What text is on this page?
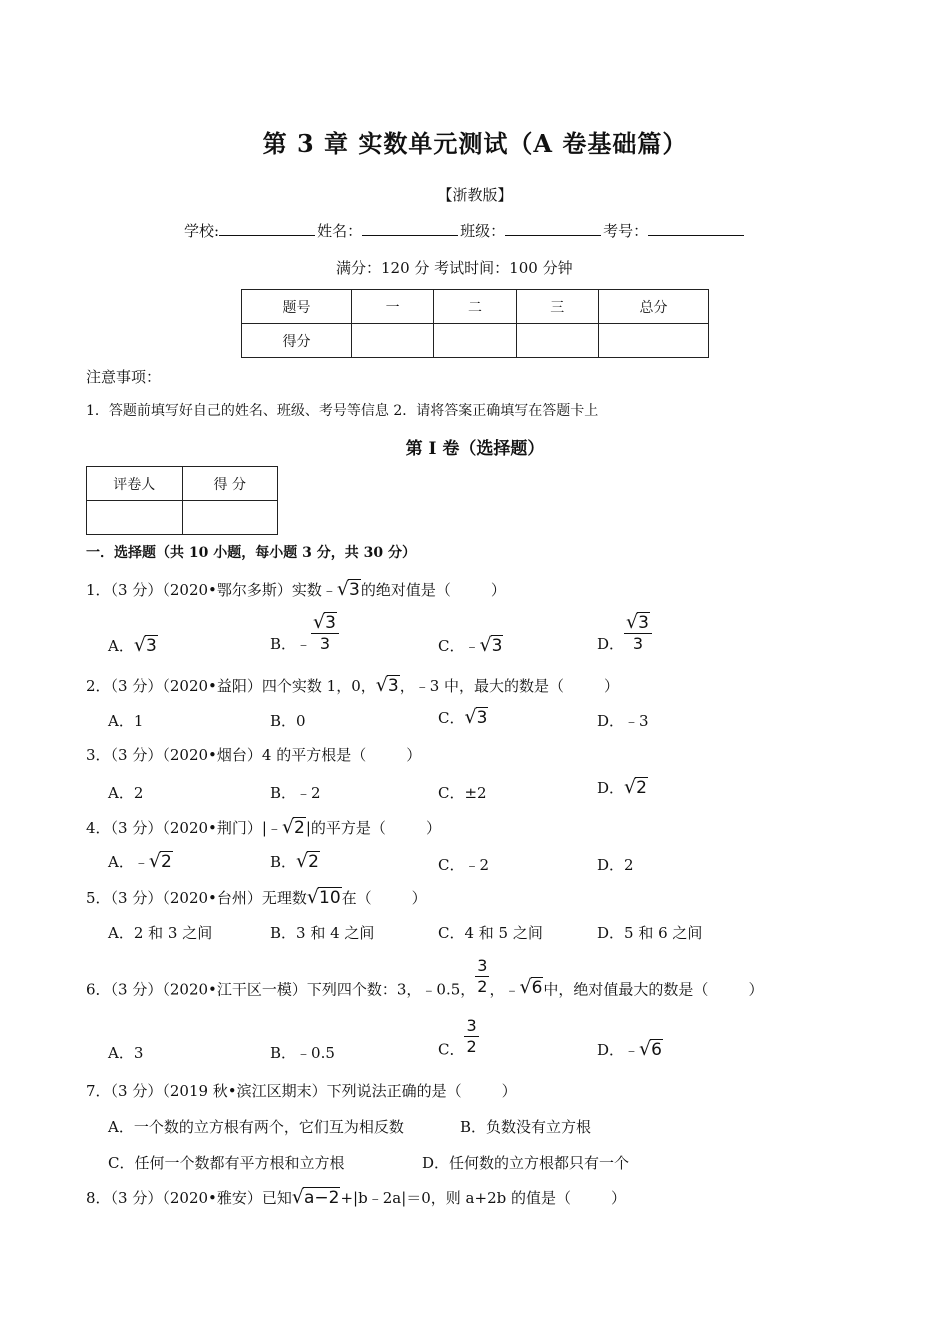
第 3 章 实数单元测试（A 卷基础篇）
【浙教版】
学校:	姓名：	班级：	考号：
满分：120 分 考试时间：100 分钟
题号	一	二	三	总分
得分				
注意事项：
1．答题前填写好自己的姓名、班级、考号等信息 2．请将答案正确填写在答题卡上
第 I 卷（选择题）
评卷人	得 分

一．选择题（共 10 小题，每小题 3 分，共 30 分）
1．（3 分）（2020•鄂尔多斯）实数﹣√3的绝对值是（	）
A．√3	B．﹣ $\frac{√3}{3}$	C．﹣√3	D． $\frac{√3}{3}$
2．（3 分）（2020•益阳）四个实数 1，0，√3，﹣3 中，最大的数是（	）
A．1	B．0	C．√3	D．﹣3
3．（3 分）（2020•烟台）4 的平方根是（	）
A．2	B．﹣2	C．±2	D．√2
4．（3 分）（2020•荆门）|﹣√2|的平方是（	）
A．﹣√2	B．√2	C．﹣2	D．2
5．（3 分）（2020•台州）无理数√10在（	）
A．2 和 3 之间	B．3 和 4 之间	C．4 和 5 之间	D．5 和 6 之间
6．（3 分）（2020•江干区一模）下列四个数：3，﹣0.5， $\frac{3}{2}$ ，﹣√6中，绝对值最大的数是（	）
A．3	B．﹣0.5	C． $\frac{3}{2}$	D．﹣√6
7．（3 分）（2019 秋•滨江区期末）下列说法正确的是（	）
A．一个数的立方根有两个，它们互为相反数	B．负数没有立方根
C．任何一个数都有平方根和立方根	D．任何数的立方根都只有一个
8．（3 分）（2020•雅安）已知√a−2+|b﹣2a|＝0，则 a+2b 的值是（	）
